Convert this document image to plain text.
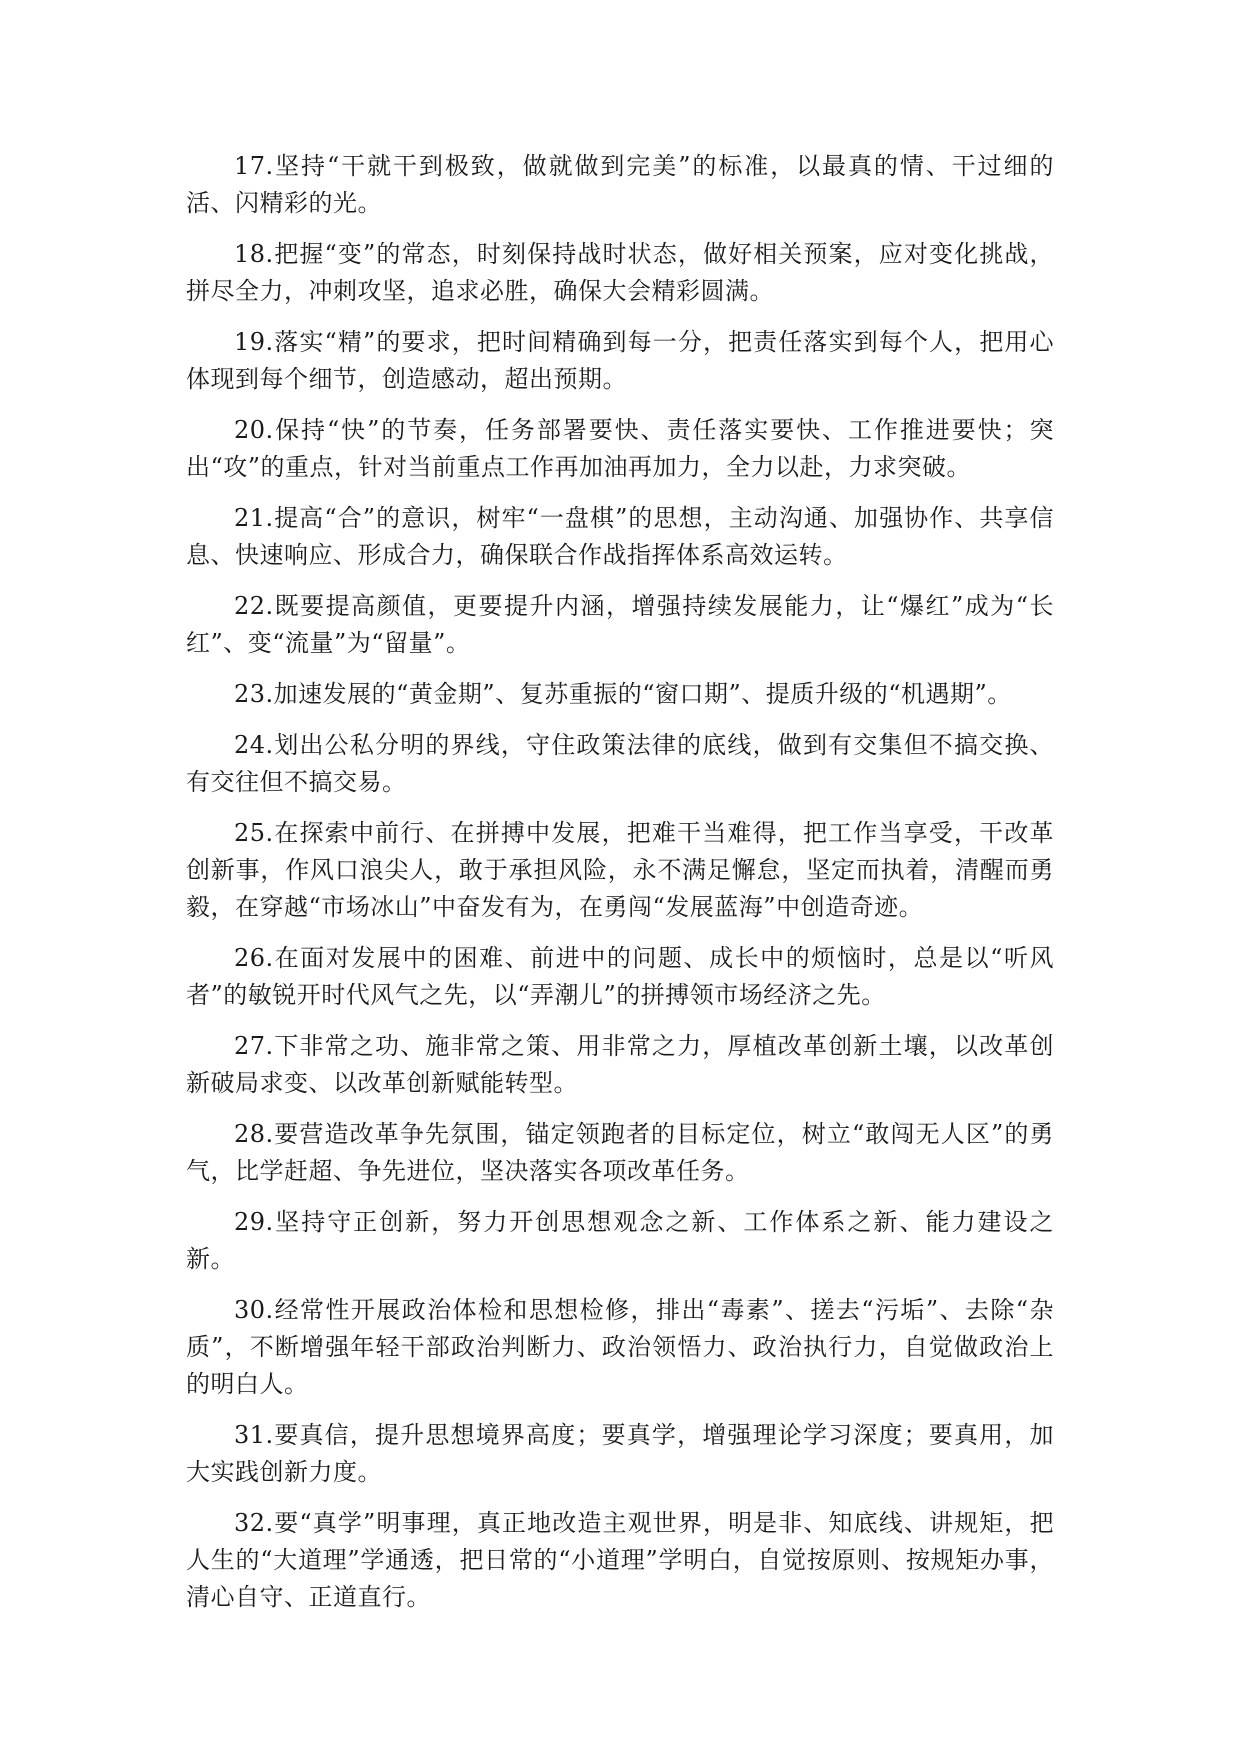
17.坚持“干就干到极致，做就做到完美”的标准，以最真的情、干过细的活、闪精彩的光。

18.把握“变”的常态，时刻保持战时状态，做好相关预案，应对变化挑战，拼尽全力，冲刺攻坚，追求必胜，确保大会精彩圆满。

19.落实“精”的要求，把时间精确到每一分，把责任落实到每个人，把用心体现到每个细节，创造感动，超出预期。

20.保持“快”的节奏，任务部署要快、责任落实要快、工作推进要快；突出“攻”的重点，针对当前重点工作再加油再加力，全力以赴，力求突破。

21.提高“合”的意识，树牢“一盘棋”的思想，主动沟通、加强协作、共享信息、快速响应、形成合力，确保联合作战指挥体系高效运转。

22.既要提高颜值，更要提升内涵，增强持续发展能力，让“爆红”成为“长红”、变“流量”为“留量”。

23.加速发展的“黄金期”、复苏重振的“窗口期”、提质升级的“机遇期”。

24.划出公私分明的界线，守住政策法律的底线，做到有交集但不搞交换、有交往但不搞交易。

25.在探索中前行、在拼搏中发展，把难干当难得，把工作当享受，干改革创新事，作风口浪尖人，敢于承担风险，永不满足懈怠，坚定而执着，清醒而勇毅，在穿越“市场冰山”中奋发有为，在勇闯“发展蓝海”中创造奇迹。

26.在面对发展中的困难、前进中的问题、成长中的烦恼时，总是以“听风者”的敏锐开时代风气之先，以“弄潮儿”的拼搏领市场经济之先。

27.下非常之功、施非常之策、用非常之力，厚植改革创新土壤，以改革创新破局求变、以改革创新赋能转型。

28.要营造改革争先氛围，锚定领跑者的目标定位，树立“敢闯无人区”的勇气，比学赶超、争先进位，坚决落实各项改革任务。

29.坚持守正创新，努力开创思想观念之新、工作体系之新、能力建设之新。

30.经常性开展政治体检和思想检修，排出“毒素”、搓去“污垢”、去除“杂质”，不断增强年轻干部政治判断力、政治领悟力、政治执行力，自觉做政治上的明白人。

31.要真信，提升思想境界高度；要真学，增强理论学习深度；要真用，加大实践创新力度。

32.要“真学”明事理，真正地改造主观世界，明是非、知底线、讲规矩，把人生的“大道理”学通透，把日常的“小道理”学明白，自觉按原则、按规矩办事，清心自守、正道直行。
